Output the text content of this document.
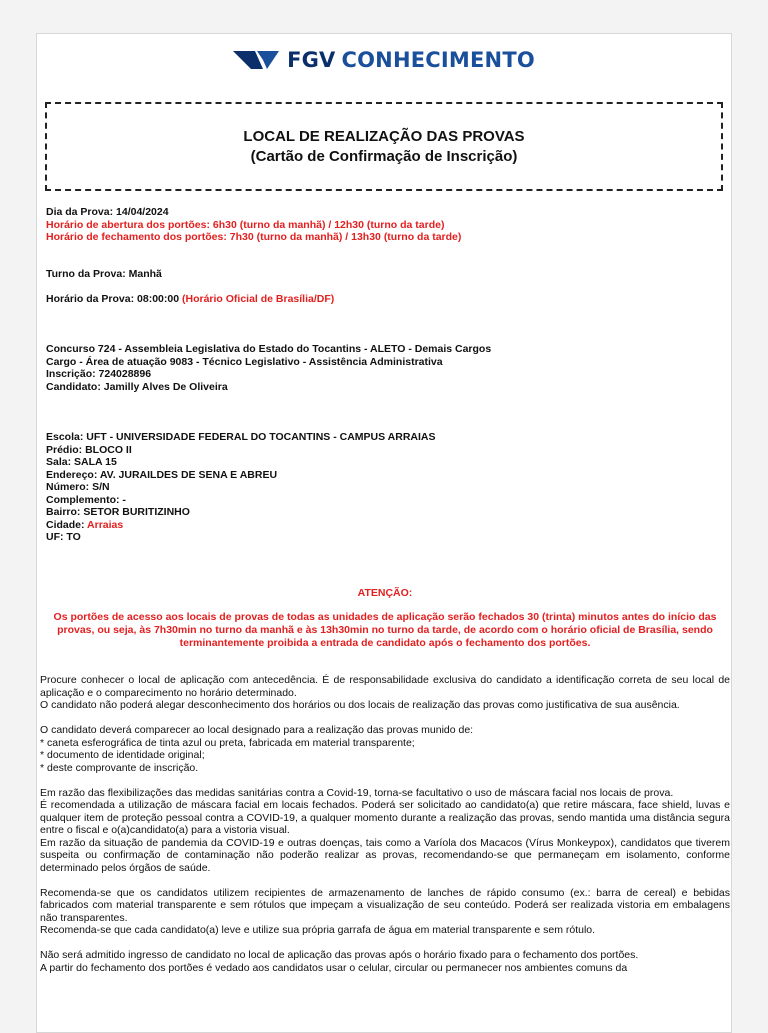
FGV CONHECIMENTO
LOCAL DE REALIZAÇÃO DAS PROVAS
(Cartão de Confirmação de Inscrição)
Dia da Prova: 14/04/2024
Horário de abertura dos portões: 6h30 (turno da manhã) / 12h30 (turno da tarde)
Horário de fechamento dos portões: 7h30 (turno da manhã) / 13h30 (turno da tarde)
Turno da Prova: Manhã
Horário da Prova: 08:00:00 (Horário Oficial de Brasília/DF)
Concurso 724 - Assembleia Legislativa do Estado do Tocantins - ALETO - Demais Cargos
Cargo - Área de atuação 9083 - Técnico Legislativo - Assistência Administrativa
Inscrição: 724028896
Candidato: Jamilly Alves De Oliveira
Escola: UFT - UNIVERSIDADE FEDERAL DO TOCANTINS - CAMPUS ARRAIAS
Prédio: BLOCO II
Sala: SALA 15
Endereço: AV. JURAILDES DE SENA E ABREU
Número: S/N
Complemento: -
Bairro: SETOR BURITIZINHO
Cidade: Arraias
UF: TO
ATENÇÃO:
Os portões de acesso aos locais de provas de todas as unidades de aplicação serão fechados 30 (trinta) minutos antes do início das provas, ou seja, às 7h30min no turno da manhã e às 13h30min no turno da tarde, de acordo com o horário oficial de Brasília, sendo terminantemente proibida a entrada de candidato após o fechamento dos portões.

Procure conhecer o local de aplicação com antecedência. É de responsabilidade exclusiva do candidato a identificação correta de seu local de aplicação e o comparecimento no horário determinado.
O candidato não poderá alegar desconhecimento dos horários ou dos locais de realização das provas como justificativa de sua ausência.

O candidato deverá comparecer ao local designado para a realização das provas munido de:
* caneta esferográfica de tinta azul ou preta, fabricada em material transparente;
* documento de identidade original;
* deste comprovante de inscrição.

Em razão das flexibilizações das medidas sanitárias contra a Covid-19, torna-se facultativo o uso de máscara facial nos locais de prova.
É recomendada a utilização de máscara facial em locais fechados. Poderá ser solicitado ao candidato(a) que retire máscara, face shield, luvas e qualquer item de proteção pessoal contra a COVID-19, a qualquer momento durante a realização das provas, sendo mantida uma distância segura entre o fiscal e o(a)candidato(a) para a vistoria visual.
Em razão da situação de pandemia da COVID-19 e outras doenças, tais como a Varíola dos Macacos (Vírus Monkeypox), candidatos que tiverem suspeita ou confirmação de contaminação não poderão realizar as provas, recomendando-se que permaneçam em isolamento, conforme determinado pelos órgãos de saúde.

Recomenda-se que os candidatos utilizem recipientes de armazenamento de lanches de rápido consumo (ex.: barra de cereal) e bebidas fabricados com material transparente e sem rótulos que impeçam a visualização de seu conteúdo. Poderá ser realizada vistoria em embalagens não transparentes.
Recomenda-se que cada candidato(a) leve e utilize sua própria garrafa de água em material transparente e sem rótulo.

Não será admitido ingresso de candidato no local de aplicação das provas após o horário fixado para o fechamento dos portões.
A partir do fechamento dos portões é vedado aos candidatos usar o celular, circular ou permanecer nos ambientes comuns da
